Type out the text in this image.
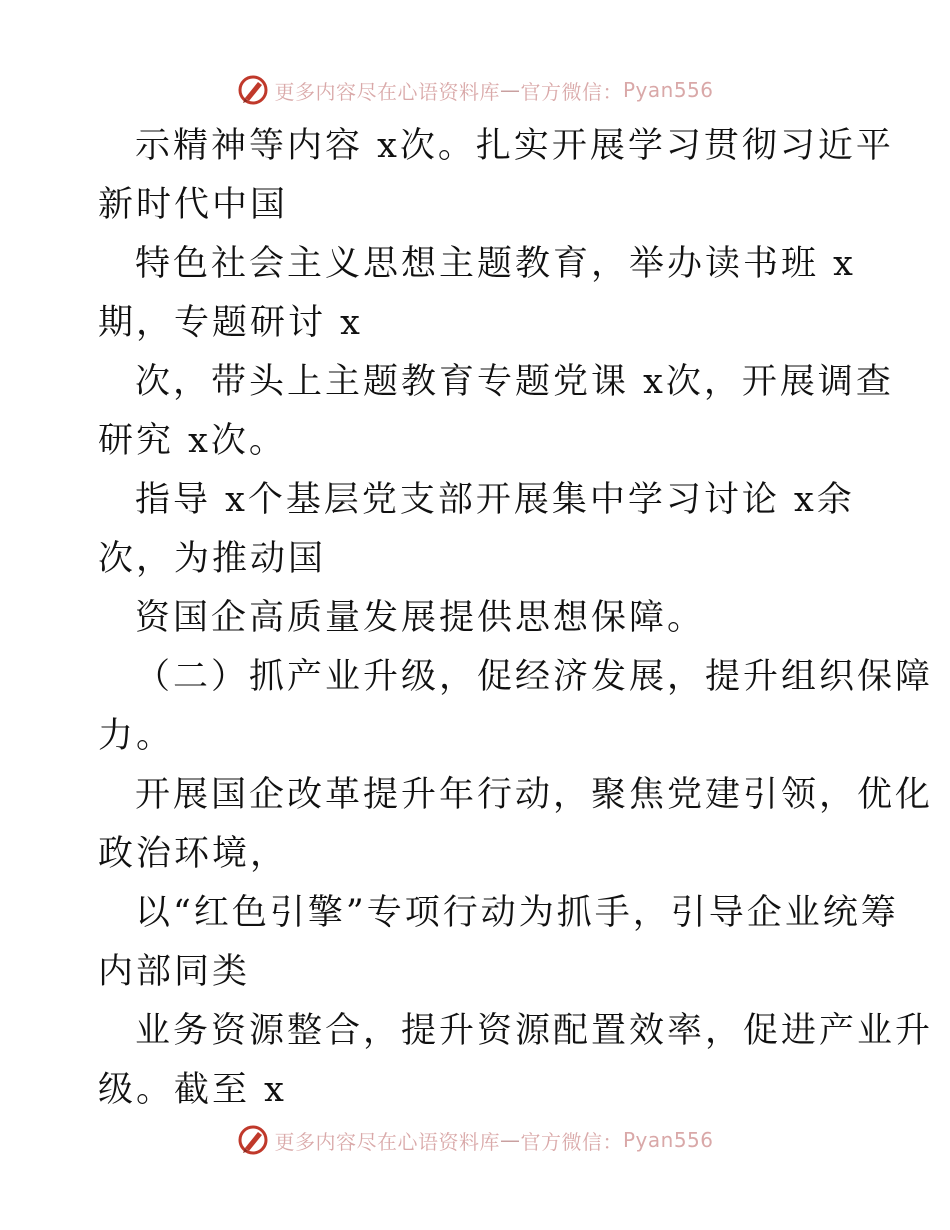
更多内容尽在心语资料库 — 官方微信： Pyan556
示精神等内容 x次。扎实开展学习贯彻习近平
新时代中国
特色社会主义思想主题教育，举办读书班 x
期，专题研讨 x
次，带头上主题教育专题党课 x次，开展调查
研究 x次。
指导 x个基层党支部开展集中学习讨论 x余
次，为推动国
资国企高质量发展提供思想保障。
（二）抓产业升级，促经济发展，提升组织保障
力。
开展国企改革提升年行动，聚焦党建引领，优化
政治环境，
以“红色引擎”专项行动为抓手，引导企业统筹
内部同类
业务资源整合，提升资源配置效率，促进产业升
级。截至 x
更多内容尽在心语资料库 — 官方微信： Pyan556
